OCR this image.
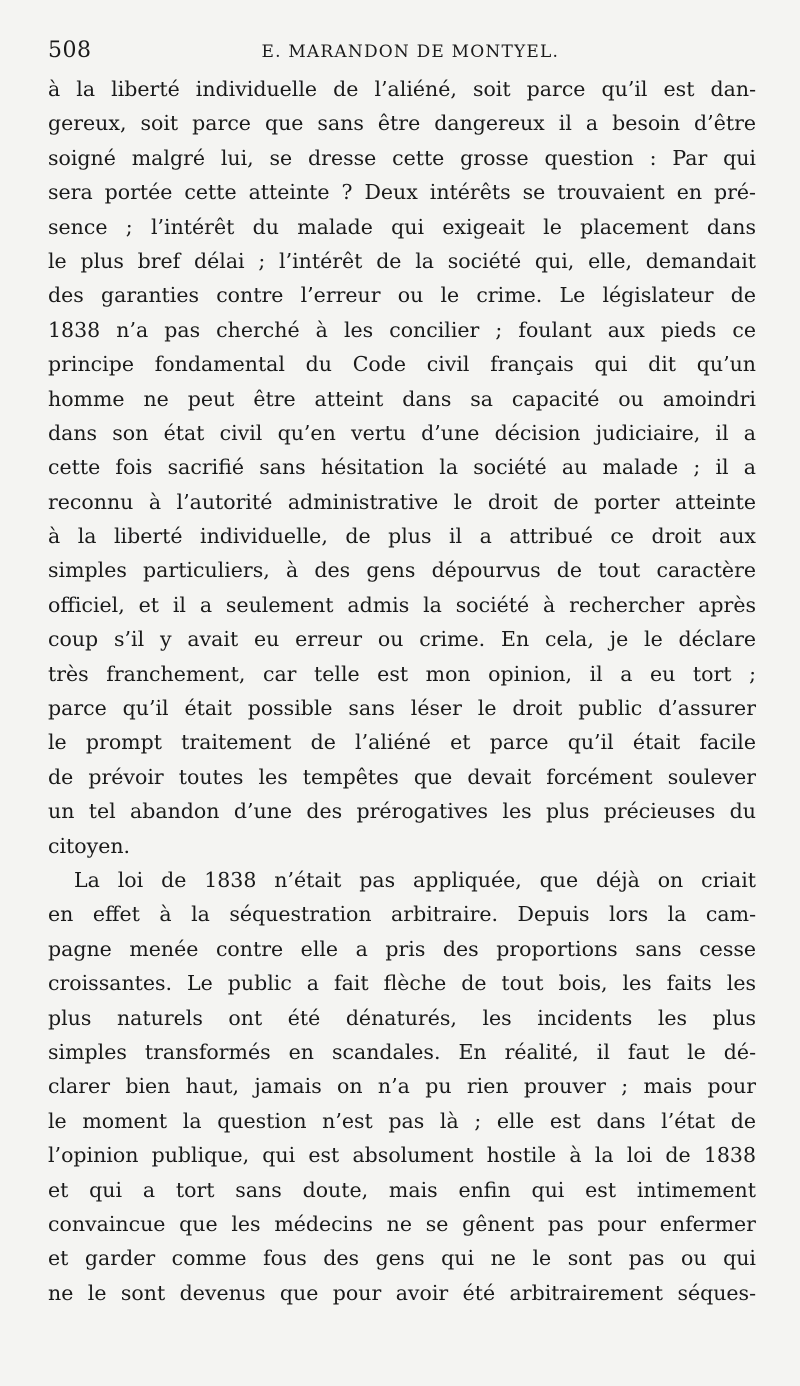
508	E. MARANDON DE MONTYEL.
à la liberté individuelle de l’aliéné, soit parce qu’il est dan-
gereux, soit parce que sans être dangereux il a besoin d’être
soigné malgré lui, se dresse cette grosse question : Par qui
sera portée cette atteinte ? Deux intérêts se trouvaient en pré-
sence ; l’intérêt du malade qui exigeait le placement dans
le plus bref délai ; l’intérêt de la société qui, elle, demandait
des garanties contre l’erreur ou le crime. Le législateur de
1838 n’a pas cherché à les concilier ; foulant aux pieds ce
principe fondamental du Code civil français qui dit qu’un
homme ne peut être atteint dans sa capacité ou amoindri
dans son état civil qu’en vertu d’une décision judiciaire, il a
cette fois sacrifié sans hésitation la société au malade ; il a
reconnu à l’autorité administrative le droit de porter atteinte
à la liberté individuelle, de plus il a attribué ce droit aux
simples particuliers, à des gens dépourvus de tout caractère
officiel, et il a seulement admis la société à rechercher après
coup s’il y avait eu erreur ou crime. En cela, je le déclare
très franchement, car telle est mon opinion, il a eu tort ;
parce qu’il était possible sans léser le droit public d’assurer
le prompt traitement de l’aliéné et parce qu’il était facile
de prévoir toutes les tempêtes que devait forcément soulever
un tel abandon d’une des prérogatives les plus précieuses du
citoyen.
La loi de 1838 n’était pas appliquée, que déjà on criait
en effet à la séquestration arbitraire. Depuis lors la cam-
pagne menée contre elle a pris des proportions sans cesse
croissantes. Le public a fait flèche de tout bois, les faits les
plus naturels ont été dénaturés, les incidents les plus
simples transformés en scandales. En réalité, il faut le dé-
clarer bien haut, jamais on n’a pu rien prouver ; mais pour
le moment la question n’est pas là ; elle est dans l’état de
l’opinion publique, qui est absolument hostile à la loi de 1838
et qui a tort sans doute, mais enfin qui est intimement
convaincue que les médecins ne se gênent pas pour enfermer
et garder comme fous des gens qui ne le sont pas ou qui
ne le sont devenus que pour avoir été arbitrairement séques-
